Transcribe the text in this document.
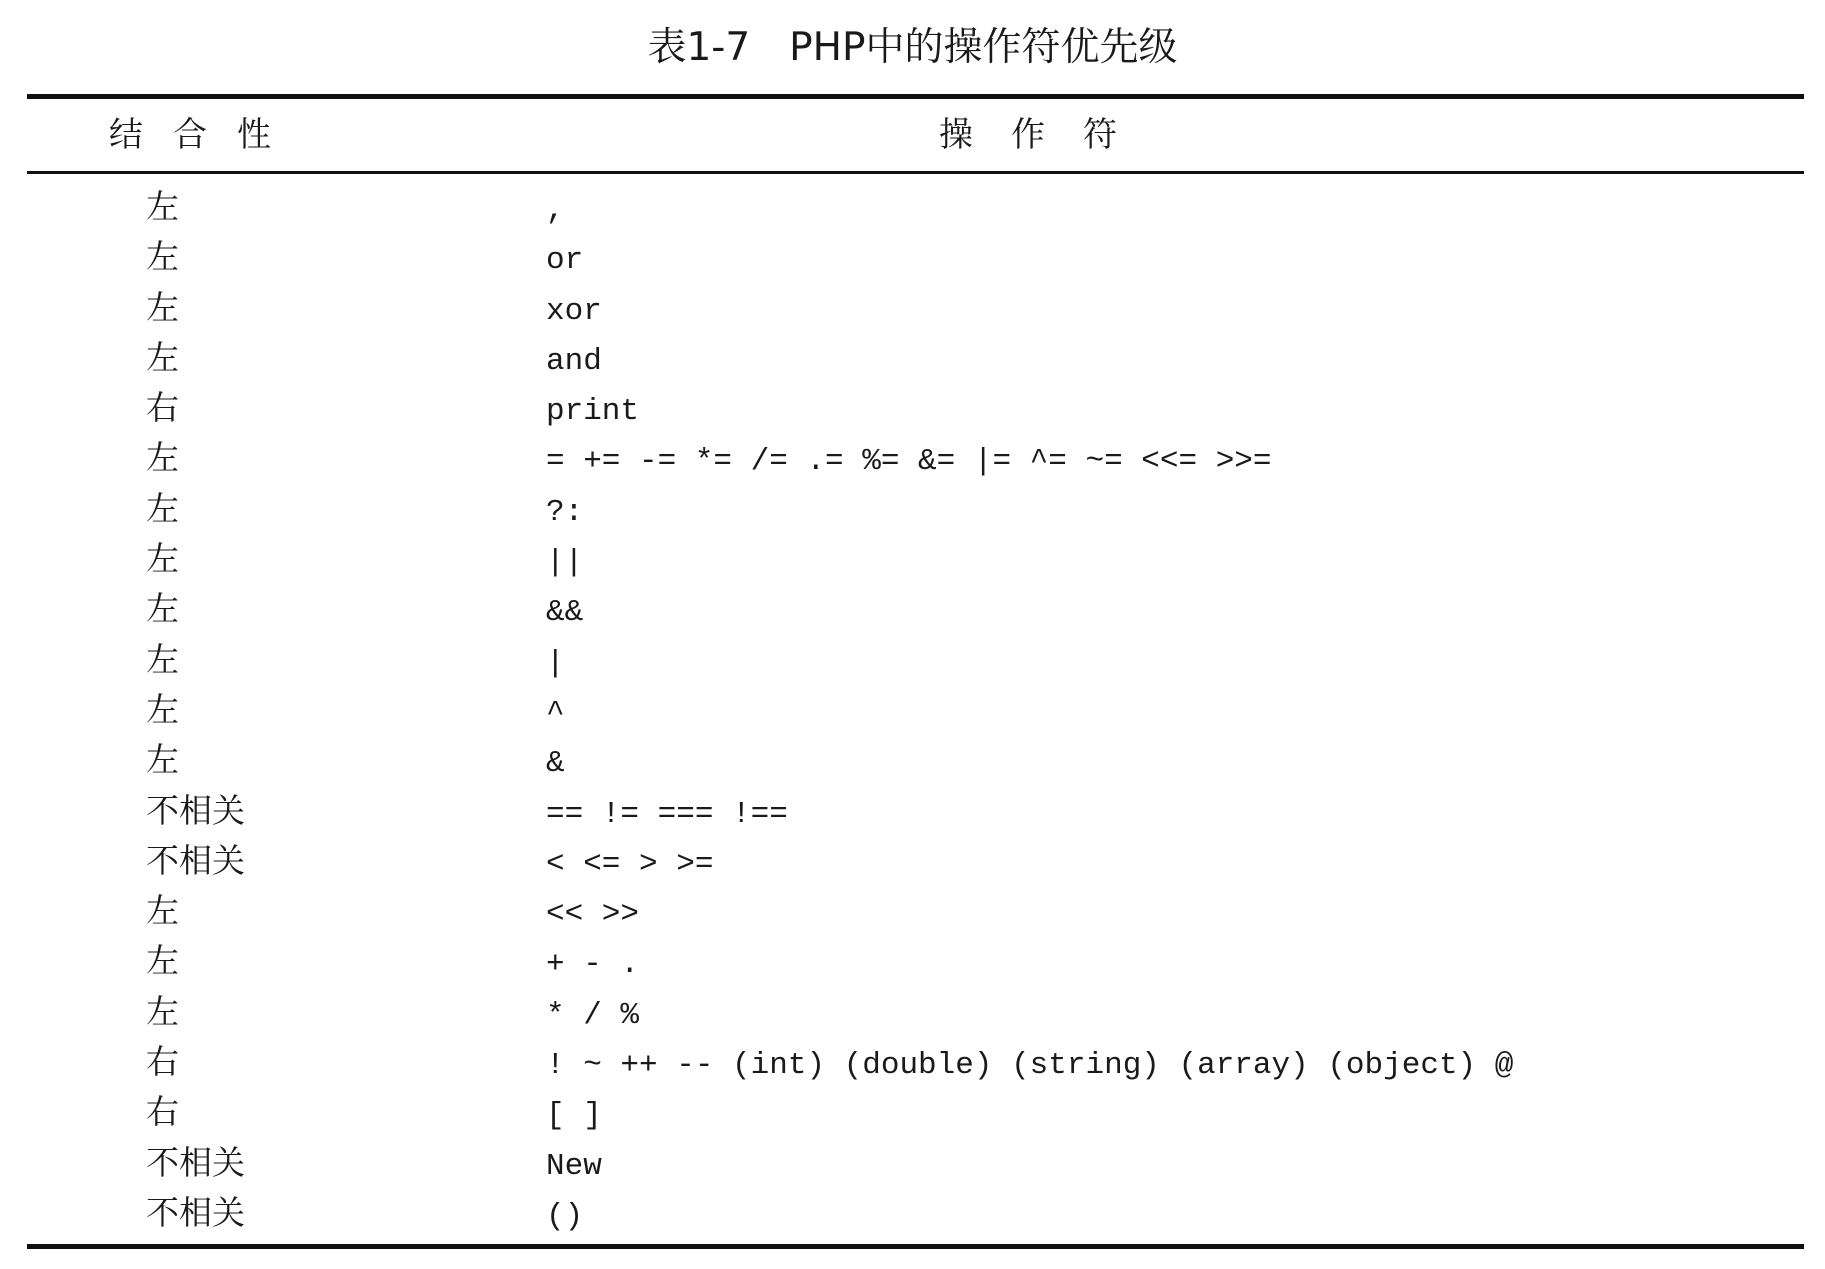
表1-7　PHP中的操作符优先级
结合性	操作符
左	,
左	or
左	xor
左	and
右	print
左	= += -= *= /= .= %= &= |= ^= ~= <<= >>=
左	?:
左	||
左	&&
左	|
左	^
左	&
不相关	== != === !==
不相关	< <= > >=
左	<< >>
左	+ - .
左	* / %
右	! ~ ++ -- (int) (double) (string) (array) (object) @
右	[ ]
不相关	New
不相关	()
